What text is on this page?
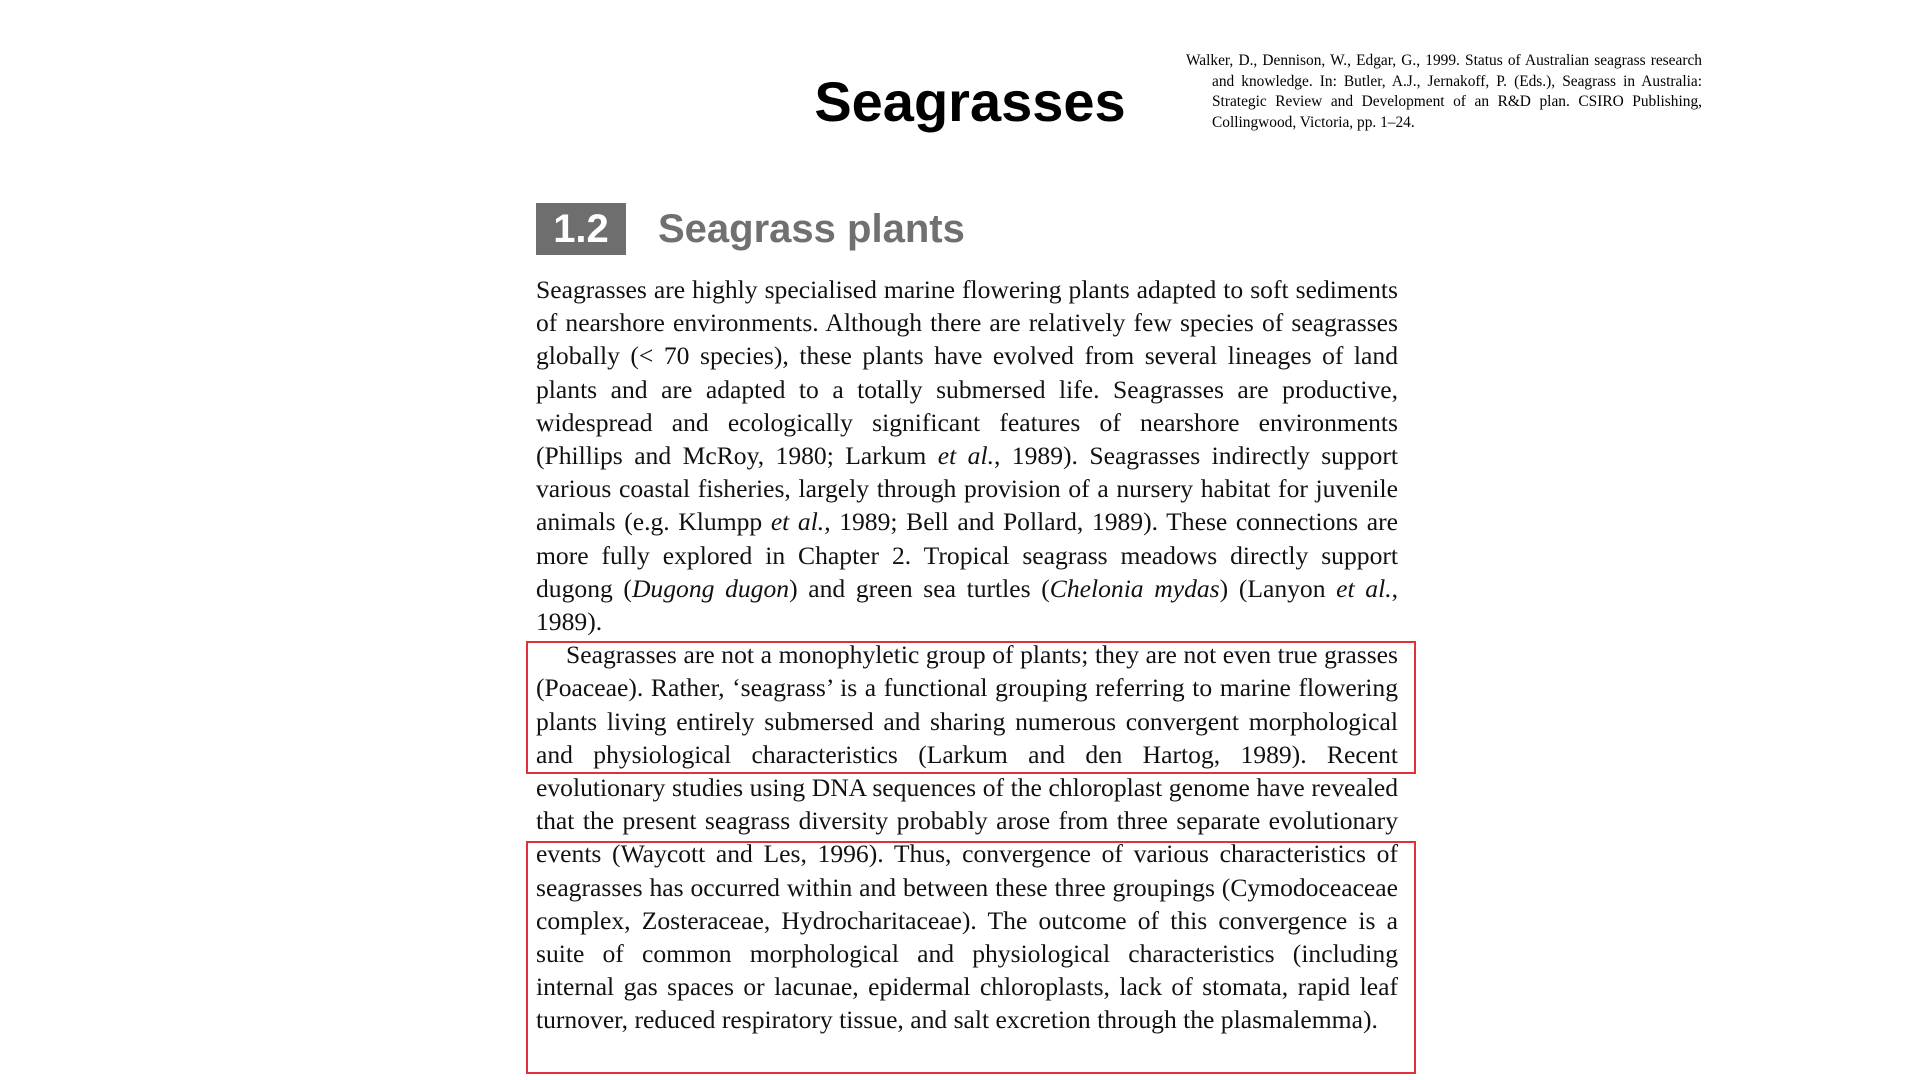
Seagrasses

Walker, D., Dennison, W., Edgar, G., 1999. Status of Australian seagrass research and knowledge. In: Butler, A.J., Jernakoff, P. (Eds.), Seagrass in Australia: Strategic Review and Development of an R&D plan. CSIRO Publishing, Collingwood, Victoria, pp. 1–24.

1.2	Seagrass plants

Seagrasses are highly specialised marine flowering plants adapted to soft sediments of nearshore environments. Although there are relatively few species of seagrasses globally (< 70 species), these plants have evolved from several lineages of land plants and are adapted to a totally submersed life. Seagrasses are productive, widespread and ecologically significant features of nearshore environments (Phillips and McRoy, 1980; Larkum et al., 1989). Seagrasses indirectly support various coastal fisheries, largely through provision of a nursery habitat for juvenile animals (e.g. Klumpp et al., 1989; Bell and Pollard, 1989). These connections are more fully explored in Chapter 2. Tropical seagrass meadows directly support dugong (Dugong dugon) and green sea turtles (Chelonia mydas) (Lanyon et al., 1989).

Seagrasses are not a monophyletic group of plants; they are not even true grasses (Poaceae). Rather, ‘seagrass’ is a functional grouping referring to marine flowering plants living entirely submersed and sharing numerous convergent morphological and physiological characteristics (Larkum and den Hartog, 1989). Recent evolutionary studies using DNA sequences of the chloroplast genome have revealed that the present seagrass diversity probably arose from three separate evolutionary events (Waycott and Les, 1996). Thus, convergence of various characteristics of seagrasses has occurred within and between these three groupings (Cymodoceaceae complex, Zosteraceae, Hydrocharitaceae). The outcome of this convergence is a suite of common morphological and physiological characteristics (including internal gas spaces or lacunae, epidermal chloroplasts, lack of stomata, rapid leaf turnover, reduced respiratory tissue, and salt excretion through the plasmalemma).
